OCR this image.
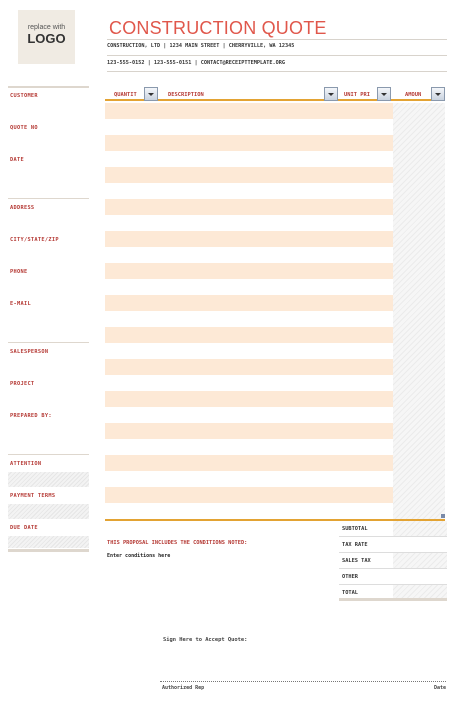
replace with
LOGO
CONSTRUCTION QUOTE
CONSTRUCTION, LTD | 1234 MAIN STREET | CHERRYVILLE, WA 12345
123-555-0152 | 123-555-0151 | CONTACT@RECEIPTTEMPLATE.ORG
CUSTOMER
QUOTE NO
DATE
ADDRESS
CITY/STATE/ZIP
PHONE
E-MAIL
SALESPERSON
PROJECT
PREPARED BY:
ATTENTION
PAYMENT TERMS
DUE DATE
QUANTIT	DESCRIPTION	UNIT PRI	AMOUN
SUBTOTAL
TAX RATE
SALES TAX
OTHER
TOTAL
THIS PROPOSAL INCLUDES THE CONDITIONS NOTED:
Enter conditions here
Sign Here to Accept Quote:
Authorized Rep	Date
